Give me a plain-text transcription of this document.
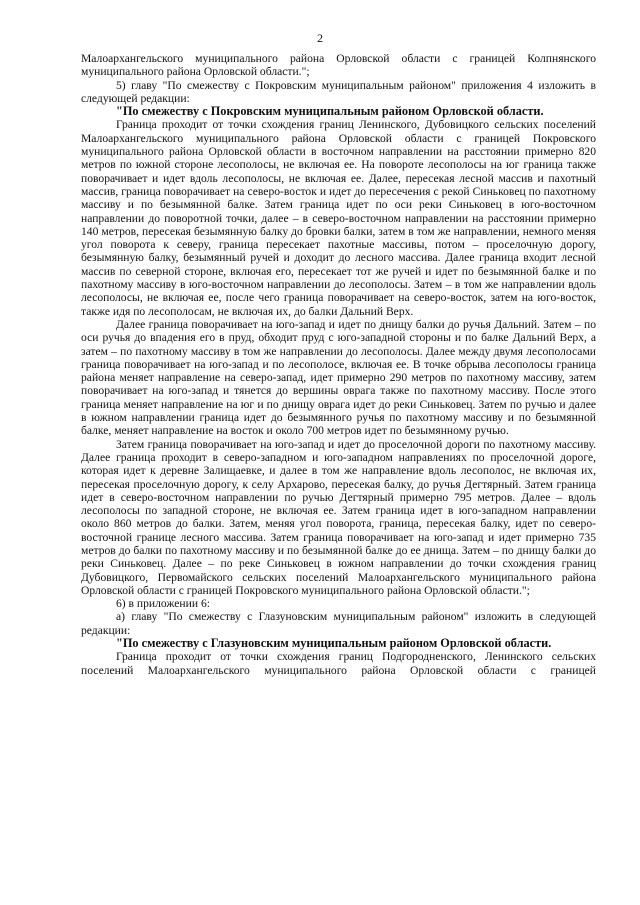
2

Малоархангельского муниципального района Орловской области с границей Колпнянского муниципального района Орловской области.";

5) главу "По смежеству с Покровским муниципальным районом" приложения 4 изложить в следующей редакции:

"По смежеству с Покровским муниципальным районом Орловской области.

Граница проходит от точки схождения границ Ленинского, Дубовицкого сельских поселений Малоархангельского муниципального района Орловской области с границей Покровского муниципального района Орловской области в восточном направлении на расстоянии примерно 820 метров по южной стороне лесополосы, не включая ее. На повороте лесополосы на юг граница также поворачивает и идет вдоль лесополосы, не включая ее. Далее, пересекая лесной массив и пахотный массив, граница поворачивает на северо-восток и идет до пересечения с рекой Синьковец по пахотному массиву и по безымянной балке. Затем граница идет по оси реки Синьковец в юго-восточном направлении до поворотной точки, далее – в северо-восточном направлении на расстоянии примерно 140 метров, пересекая безымянную балку до бровки балки, затем в том же направлении, немного меняя угол поворота к северу, граница пересекает пахотные массивы, потом – проселочную дорогу, безымянную балку, безымянный ручей и доходит до лесного массива. Далее граница входит лесной массив по северной стороне, включая его, пересекает тот же ручей и идет по безымянной балке и по пахотному массиву в юго-восточном направлении до лесополосы. Затем – в том же направлении вдоль лесополосы, не включая ее, после чего граница поворачивает на северо-восток, затем на юго-восток, также идя по лесополосам, не включая их, до балки Дальний Верх.

Далее граница поворачивает на юго-запад и идет по днищу балки до ручья Дальний. Затем – по оси ручья до впадения его в пруд, обходит пруд с юго-западной стороны и по балке Дальний Верх, а затем – по пахотному массиву в том же направлении до лесополосы. Далее между двумя лесополосами граница поворачивает на юго-запад и по лесополосе, включая ее. В точке обрыва лесополосы граница района меняет направление на северо-запад, идет примерно 290 метров по пахотному массиву, затем поворачивает на юго-запад и тянется до вершины оврага также по пахотному массиву. После этого граница меняет направление на юг и по днищу оврага идет до реки Синьковец. Затем по ручью и далее в южном направлении граница идет до безымянного ручья по пахотному массиву и по безымянной балке, меняет направление на восток и около 700 метров идет по безымянному ручью.

Затем граница поворачивает на юго-запад и идет до проселочной дороги по пахотному массиву. Далее граница проходит в северо-западном и юго-западном направлениях по проселочной дороге, которая идет к деревне Залищаевке, и далее в том же направление вдоль лесополос, не включая их, пересекая проселочную дорогу, к селу Архарово, пересекая балку, до ручья Дегтярный. Затем граница идет в северо-восточном направлении по ручью Дегтярный примерно 795 метров. Далее – вдоль лесополосы по западной стороне, не включая ее. Затем граница идет в юго-западном направлении около 860 метров до балки. Затем, меняя угол поворота, граница, пересекая балку, идет по северо-восточной границе лесного массива. Затем граница поворачивает на юго-запад и идет примерно 735 метров до балки по пахотному массиву и по безымянной балке до ее днища. Затем – по днищу балки до реки Синьковец. Далее – по реке Синьковец в южном направлении до точки схождения границ Дубовицкого, Первомайского сельских поселений Малоархангельского муниципального района Орловской области с границей Покровского муниципального района Орловской области.";

6) в приложении 6:

а) главу "По смежеству с Глазуновским муниципальным районом" изложить в следующей редакции:

"По смежеству с Глазуновским муниципальным районом Орловской области.

Граница проходит от точки схождения границ Подгородненского, Ленинского сельских поселений Малоархангельского муниципального района Орловской области с границей
